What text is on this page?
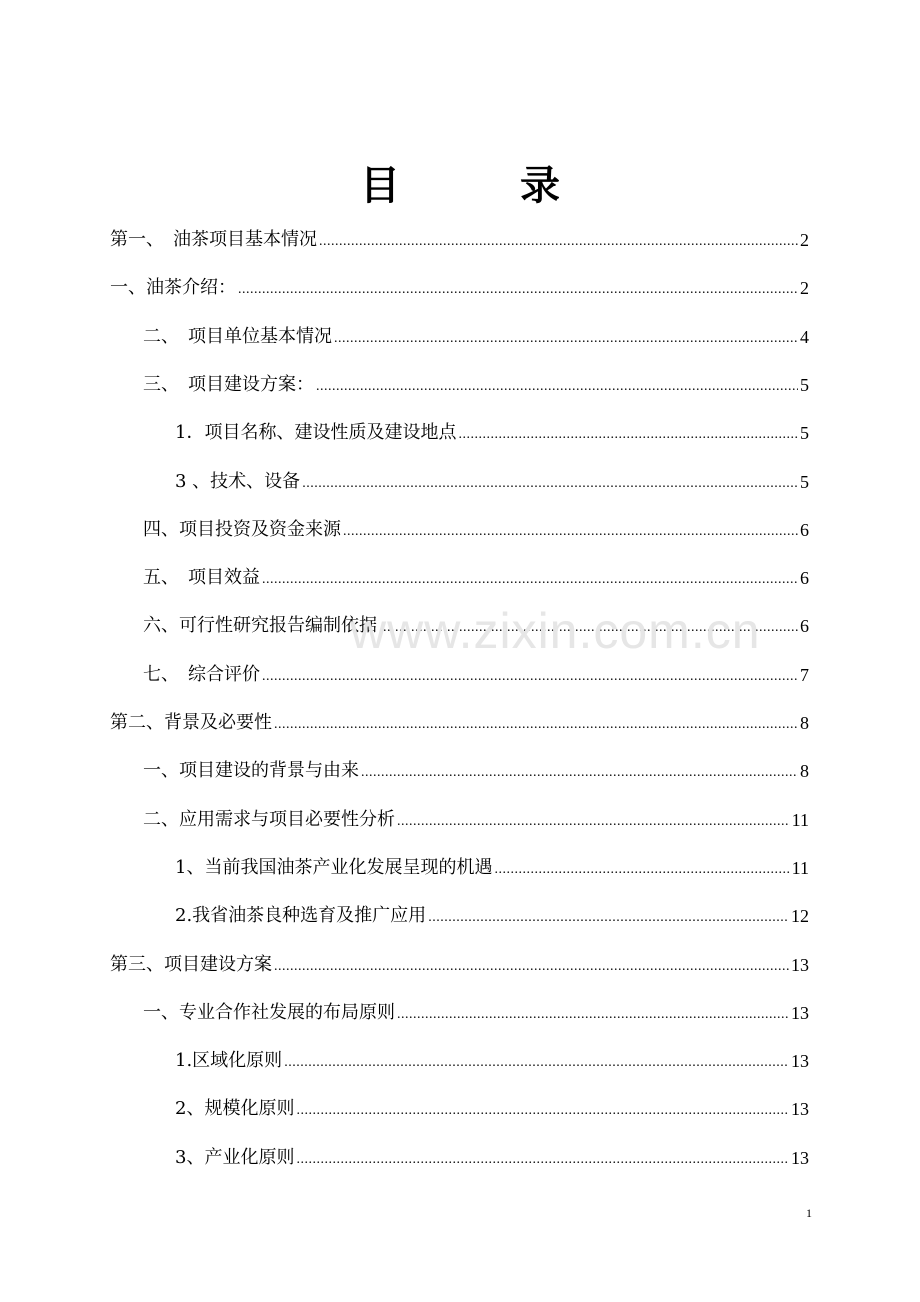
目　录
第一、　油茶项目基本情况 .....	2
一、油茶介绍： .....	2
二、　项目单位基本情况 .....	4
三、　项目建设方案： .....	5
1．项目名称、建设性质及建设地点 .....	5
3 、技术、设备 .....	5
四、项目投资及资金来源 .....	6
五、　项目效益 .....	6
六、可行性研究报告编制依据 .....	6
七、　综合评价 .....	7
第二、背景及必要性 .....	8
一、项目建设的背景与由来 .....	8
二、应用需求与项目必要性分析 .....	11
1、当前我国油茶产业化发展呈现的机遇 .....	11
2.我省油茶良种选育及推广应用 .....	12
第三、项目建设方案 .....	13
一、专业合作社发展的布局原则 .....	13
1.区域化原则 .....	13
2、规模化原则 .....	13
3、产业化原则 .....	13
www.zixin.com.cn
1
